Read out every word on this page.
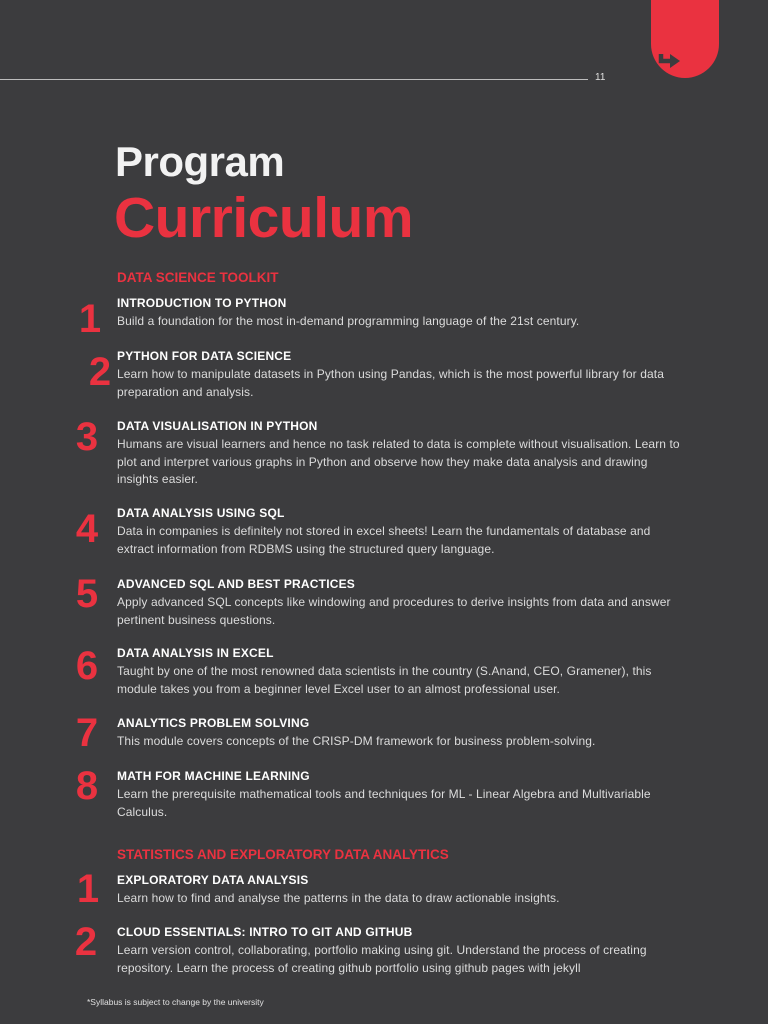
11
Program
Curriculum
DATA SCIENCE TOOLKIT
1	INTRODUCTION TO PYTHON
Build a foundation for the most in-demand programming language of the 21st century.
2 PYTHON FOR DATA SCIENCE
Learn how to manipulate datasets in Python using Pandas, which is the most powerful library for data preparation and analysis.
3	DATA VISUALISATION IN PYTHON
Humans are visual learners and hence no task related to data is complete without visualisation. Learn to plot and interpret various graphs in Python and observe how they make data analysis and drawing insights easier.
4	DATA ANALYSIS USING SQL
Data in companies is definitely not stored in excel sheets! Learn the fundamentals of database and extract information from RDBMS using the structured query language.
5	ADVANCED SQL AND BEST PRACTICES
Apply advanced SQL concepts like windowing and procedures to derive insights from data and answer pertinent business questions.
6	DATA ANALYSIS IN EXCEL
Taught by one of the most renowned data scientists in the country (S.Anand, CEO, Gramener), this module takes you from a beginner level Excel user to an almost professional user.
7	ANALYTICS PROBLEM SOLVING
This module covers concepts of the CRISP-DM framework for business problem-solving.
8	MATH FOR MACHINE LEARNING
Learn the prerequisite mathematical tools and techniques for ML - Linear Algebra and Multivariable Calculus.
STATISTICS AND EXPLORATORY DATA ANALYTICS
1	EXPLORATORY DATA ANALYSIS
Learn how to find and analyse the patterns in the data to draw actionable insights.
2	CLOUD ESSENTIALS: INTRO TO GIT AND GITHUB
Learn version control, collaborating, portfolio making using git. Understand the process of creating repository. Learn the process of creating github portfolio using github pages with jekyll
*Syllabus is subject to change by the university
